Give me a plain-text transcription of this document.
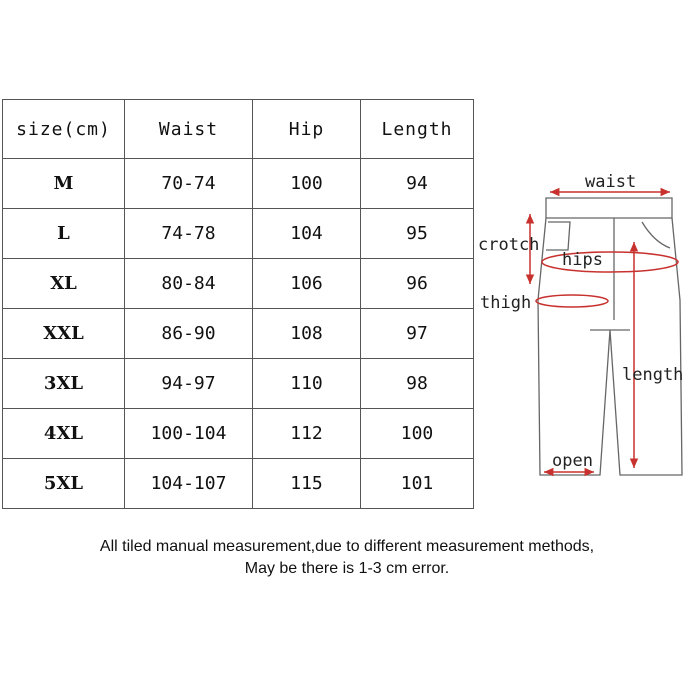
size(cm)	Waist	Hip	Length
M	70-74	100	94
L	74-78	104	95
XL	80-84	106	96
XXL	86-90	108	97
3XL	94-97	110	98
4XL	100-104	112	100
5XL	104-107	115	101
waist
crotch
hips
thigh
length
open
All tiled manual measurement,due to different measurement methods,
May be there is 1-3 cm error.
